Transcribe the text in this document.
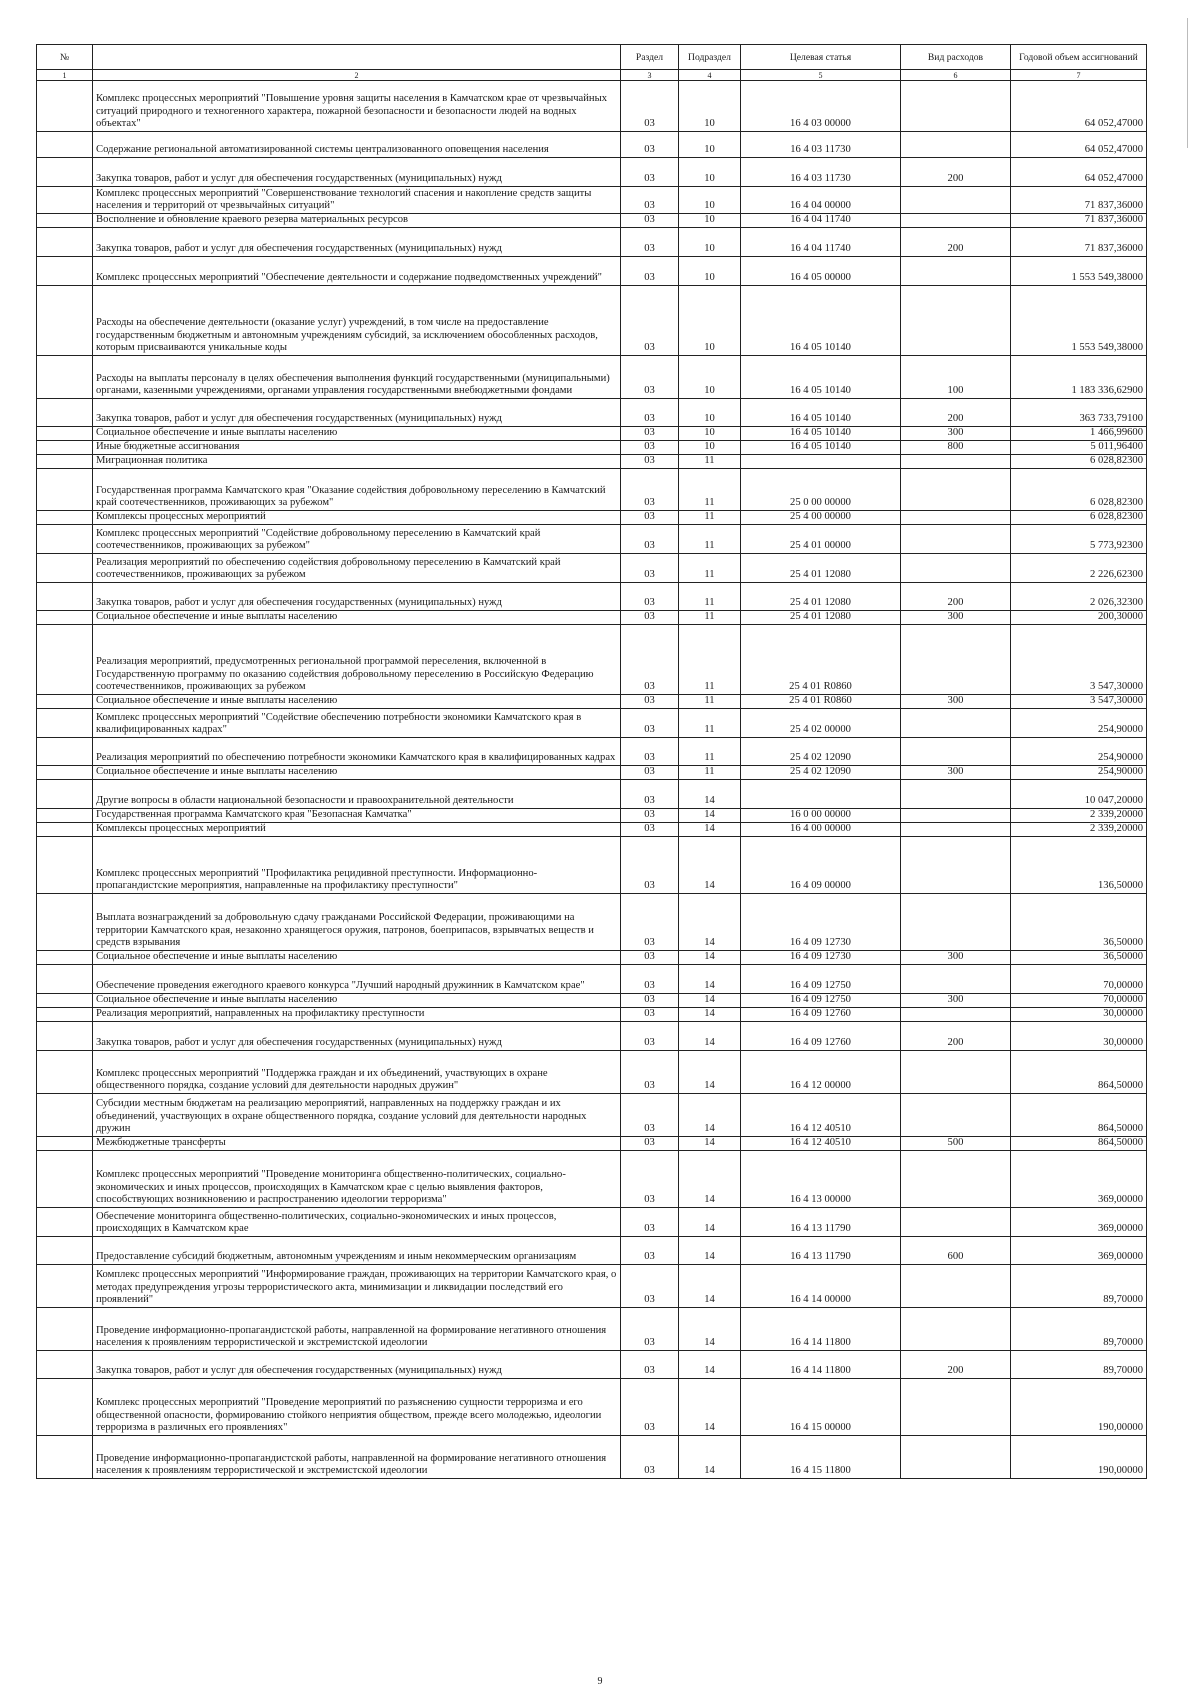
№		Раздел	Подраздел	Целевая статья	Вид расходов	Годовой объем ассигнований
1	2	3	4	5	6	7
	Комплекс процессных мероприятий "Повышение уровня защиты населения в Камчатском крае от чрезвычайных ситуаций природного и техногенного характера, пожарной безопасности и безопасности людей на водных объектах"	03	10	16 4 03 00000		64 052,47000
	Содержание региональной автоматизированной системы централизованного оповещения населения	03	10	16 4 03 11730		64 052,47000
	Закупка товаров, работ и услуг для обеспечения государственных (муниципальных) нужд	03	10	16 4 03 11730	200	64 052,47000
	Комплекс процессных мероприятий "Совершенствование технологий спасения и накопление средств защиты населения и территорий от чрезвычайных ситуаций"	03	10	16 4 04 00000		71 837,36000
	Восполнение и обновление краевого резерва материальных ресурсов	03	10	16 4 04 11740		71 837,36000
	Закупка товаров, работ и услуг для обеспечения государственных (муниципальных) нужд	03	10	16 4 04 11740	200	71 837,36000
	Комплекс процессных мероприятий "Обеспечение деятельности и содержание подведомственных учреждений"	03	10	16 4 05 00000		1 553 549,38000
	Расходы на обеспечение деятельности (оказание услуг) учреждений, в том числе на предоставление государственным бюджетным и автономным учреждениям субсидий, за исключением обособленных расходов, которым присваиваются уникальные коды	03	10	16 4 05 10140		1 553 549,38000
	Расходы на выплаты персоналу в целях обеспечения выполнения функций государственными (муниципальными) органами, казенными учреждениями, органами управления государственными внебюджетными фондами	03	10	16 4 05 10140	100	1 183 336,62900
	Закупка товаров, работ и услуг для обеспечения государственных (муниципальных) нужд	03	10	16 4 05 10140	200	363 733,79100
	Социальное обеспечение и иные выплаты населению	03	10	16 4 05 10140	300	1 466,99600
	Иные бюджетные ассигнования	03	10	16 4 05 10140	800	5 011,96400
	Миграционная политика	03	11			6 028,82300
	Государственная программа Камчатского края "Оказание содействия добровольному переселению в Камчатский край соотечественников, проживающих за рубежом"	03	11	25 0 00 00000		6 028,82300
	Комплексы процессных мероприятий	03	11	25 4 00 00000		6 028,82300
	Комплекс процессных мероприятий "Содействие добровольному переселению в Камчатский край соотечественников, проживающих за рубежом"	03	11	25 4 01 00000		5 773,92300
	Реализация мероприятий по обеспечению содействия добровольному переселению в Камчатский край соотечественников, проживающих за рубежом	03	11	25 4 01 12080		2 226,62300
	Закупка товаров, работ и услуг для обеспечения государственных (муниципальных) нужд	03	11	25 4 01 12080	200	2 026,32300
	Социальное обеспечение и иные выплаты населению	03	11	25 4 01 12080	300	200,30000
	Реализация мероприятий, предусмотренных региональной программой переселения, включенной в Государственную программу по оказанию содействия добровольному переселению в Российскую Федерацию соотечественников, проживающих за рубежом	03	11	25 4 01 R0860		3 547,30000
	Социальное обеспечение и иные выплаты населению	03	11	25 4 01 R0860	300	3 547,30000
	Комплекс процессных мероприятий "Содействие обеспечению потребности экономики Камчатского края в квалифицированных кадрах"	03	11	25 4 02 00000		254,90000
	Реализация мероприятий по обеспечению потребности экономики Камчатского края в квалифицированных кадрах	03	11	25 4 02 12090		254,90000
	Социальное обеспечение и иные выплаты населению	03	11	25 4 02 12090	300	254,90000
	Другие вопросы в области национальной безопасности и правоохранительной деятельности	03	14			10 047,20000
	Государственная программа Камчатского края "Безопасная Камчатка"	03	14	16 0 00 00000		2 339,20000
	Комплексы процессных мероприятий	03	14	16 4 00 00000		2 339,20000
	Комплекс процессных мероприятий "Профилактика рецидивной преступности. Информационно-пропагандистские мероприятия, направленные на профилактику преступности"	03	14	16 4 09 00000		136,50000
	Выплата вознаграждений за добровольную сдачу гражданами Российской Федерации, проживающими на территории Камчатского края, незаконно хранящегося оружия, патронов, боеприпасов, взрывчатых веществ и средств взрывания	03	14	16 4 09 12730		36,50000
	Социальное обеспечение и иные выплаты населению	03	14	16 4 09 12730	300	36,50000
	Обеспечение проведения ежегодного краевого конкурса "Лучший народный дружинник в Камчатском крае"	03	14	16 4 09 12750		70,00000
	Социальное обеспечение и иные выплаты населению	03	14	16 4 09 12750	300	70,00000
	Реализация мероприятий, направленных на профилактику преступности	03	14	16 4 09 12760		30,00000
	Закупка товаров, работ и услуг для обеспечения государственных (муниципальных) нужд	03	14	16 4 09 12760	200	30,00000
	Комплекс процессных мероприятий "Поддержка граждан и их объединений, участвующих в охране общественного порядка, создание условий для деятельности народных дружин"	03	14	16 4 12 00000		864,50000
	Субсидии местным бюджетам на реализацию мероприятий, направленных на поддержку граждан и их объединений, участвующих в охране общественного порядка, создание условий для деятельности народных дружин	03	14	16 4 12 40510		864,50000
	Межбюджетные трансферты	03	14	16 4 12 40510	500	864,50000
	Комплекс процессных мероприятий "Проведение мониторинга общественно-политических, социально-экономических и иных процессов, происходящих в Камчатском крае с целью выявления факторов, способствующих возникновению и распространению идеологии терроризма"	03	14	16 4 13 00000		369,00000
	Обеспечение мониторинга общественно-политических, социально-экономических и иных процессов, происходящих в Камчатском крае	03	14	16 4 13 11790		369,00000
	Предоставление субсидий бюджетным, автономным учреждениям и иным некоммерческим организациям	03	14	16 4 13 11790	600	369,00000
	Комплекс процессных мероприятий "Информирование граждан, проживающих на территории Камчатского края, о методах предупреждения угрозы террористического акта, минимизации и ликвидации последствий его проявлений"	03	14	16 4 14 00000		89,70000
	Проведение информационно-пропагандистской работы, направленной на формирование негативного отношения населения к проявлениям террористической и экстремистской идеологии	03	14	16 4 14 11800		89,70000
	Закупка товаров, работ и услуг для обеспечения государственных (муниципальных) нужд	03	14	16 4 14 11800	200	89,70000
	Комплекс процессных мероприятий "Проведение мероприятий по разъяснению сущности терроризма и его общественной опасности, формированию стойкого неприятия обществом, прежде всего молодежью, идеологии терроризма в различных его проявлениях"	03	14	16 4 15 00000		190,00000
	Проведение информационно-пропагандистской работы, направленной на формирование негативного отношения населения к проявлениям террористической и экстремистской идеологии	03	14	16 4 15 11800		190,00000
9
